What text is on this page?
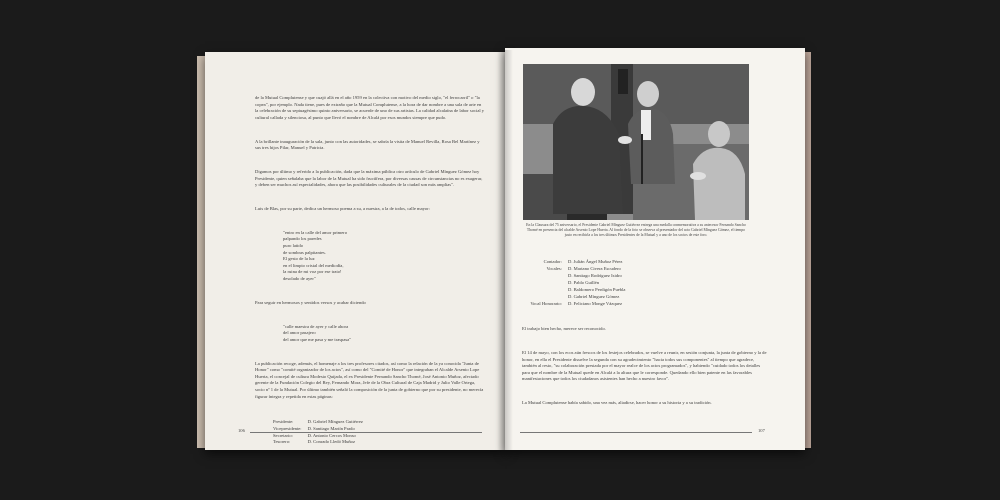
de la Mutual Complutense y que cuajó allá en el año 1959 en la colectiva con motivo del medio siglo, "el ferrocarril" o "la copea", por ejemplo. Nada tiene, pues de extraño que la Mutual Complutense, a la hora de dar nombre a una sala de arte en la celebración de su septuagésimo quinto aniversario, se acuerde de uno de sus artistas. La calidad alcalaína de labor social y cultural callada y silenciosa, al punto que llevó el nombre de Alcalá por esos mundos siempre que pudo.

A la brillante inauguración de la sala, junto con las autoridades, se sabría la visita de Manuel Revilla, Rosa Bel Martínez y sus tres hijos Pilar, Manuel y Patricia.

Digamos por último y referido a la publicación, dada que la máxima pública otro artículo de Gabriel Mínguez Gómez hoy Presidente, quien señalaba que la labor de la Mutual ha sido fructífera, por diversas causas de circunstancias no es exagerar, y deben ser muchos así especialidades, ahora que las posibilidades culturales de la ciudad son más amplias".

Luis de Blas, por su parte, dedica un hermoso poema a su, a nuestra, a la de todos, calle mayor:

"entro en la calle del amor primero
palpando los paredes
puro latido
de sombras palpitantes.
El gesto de la luz
en el limpio cristal del mediodía,
la ruina de mi voz por ese trato!
desolado de ayer"

Para seguir en hermosos y sentidos versos y acabar diciendo

"calle maestra de ayer y calle ahora
del amor pasajero
del amor que me pasa y me traspasa"

La publicación recoge, además, el homenaje a los tres profesores citados, así como la relación de la ya conocida "Junta de Honor" como "comité organizador de los actos", así como del "Comité de Honor" que integraban el Alcalde Arsenio Lope Huerta, el concejal de cultura Modesto Quijada, el ex Presidente Fernando Sancho Thomé, José Antonio Muñoz, afectado gerente de la Fundación Colegio del Rey, Fernando Mora, Jefe de la Obra Cultural de Caja Madrid y Julio Valle Ortega, socio nº 1 de la Mutual. Por último también señaló la composición de la junta de gobierno que por su presidente, no merecía figurar íntegra y repetida en estas páginas:

Presidente:	D. Gabriel Mínguez Gutiérrez
Vicepresidente:	D. Santiago Martín Prado
Secretario:	D. Antonio Cercos Monso
Tesorero:	D. Conrado Lledó Muñoz

106
En la Clausura del 75 aniversario, el Presidente Gabriel Mínguez Gutiérrez entrega una medalla conmemorativa a su antecesor Fernando Sancho Thomé en presencia del alcalde Arsenio Lope Huerta. Al fondo de la foto se observa al presentador del acto Gabriel Mínguez Gómez, el tiempo justo en recibirla a los tres últimos Presidentes de la Mutual y a uno de los socios de este foro.
Contador:	D. Julián Ángel Muñoz Pérez
Vocales:	D. Mariano Civera Escudero
	D. Santiago Rodríguez Isidro
	D. Pablo Guillén
	D. Baldomero Perdigón Puebla
	D. Gabriel Mínguez Gómez
Vocal Honorario:	D. Feliciano Monge Vázquez

El trabajo bien hecho, merece ser reconocido.

El 14 de mayo, con los ecos aún frescos de los festejos celebrados, se vuelve a reunir, en sesión conjunta, la junta de gobierno y la de honor, en ella el Presidente disuelve la segunda con su agradecimiento "hacia todos sus componentes" al tiempo que agradece, también al resto, "su colaboración prestada por el mayor realce de los actos programados", y habiendo "cuidado todos los detalles para que el nombre de la Mutual quede en Alcalá a la altura que le corresponde. Quedando ello bien patente en las favorables manifestaciones que todos los ciudadanos asistentes han hecho a nuestro favor".

La Mutual Complutense había sabido, una vez más, aliadirse, hacer honor a su historia y a su tradición.

107
